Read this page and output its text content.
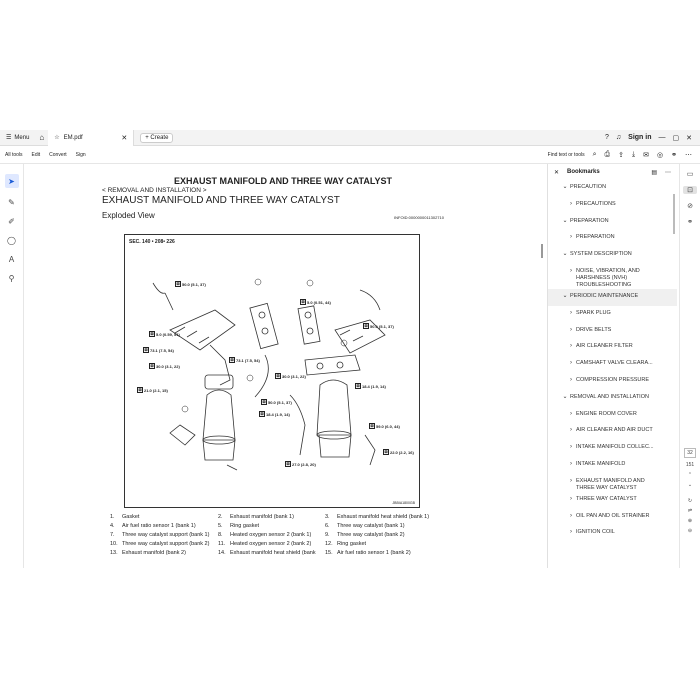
☰ Menu	⌂	☆ EM.pdf	✕	+ Create	? ♫ Sign in — ▢ ✕
All tools Edit Convert Sign	Find text or tools ⌕ ⎙ ⇪ ⤓ ✉ ◎ ⚭ ⋯
➤
✎
✐
◯
A
⚲
EXHAUST MANIFOLD AND THREE WAY CATALYST
< REMOVAL AND INSTALLATION >
EXHAUST MANIFOLD AND THREE WAY CATALYST
Exploded View	INFOID:0000000011302710
SEC. 140 • 208• 226
⊠ 50.0 (5.1, 37)
⊠ 5.0 (0.51, 44)
⊠ 5.0 (0.59, 51)
⊠ 50.0 (5.1, 37)
⊠ 73.1 (7.5, 54)
⊠ 73.1 (7.5, 54)
⊠ 30.0 (3.1, 22)
⊠ 30.0 (3.1, 22)
⊠ 18.4 (1.9, 14)
⊠ 21.0 (2.1, 15)
⊠ 50.0 (5.1, 37)
⊠ 18.4 (1.9, 14)
⊠ 59.0 (6.0, 44)
⊠ 22.0 (2.2, 16)
⊠ 27.0 (2.8, 20)
JBBIA1800GB
1.	Gasket	2.	Exhaust manifold (bank 1)	3.	Exhaust manifold heat shield (bank 1)
4.	Air fuel ratio sensor 1 (bank 1)	5.	Ring gasket	6.	Three way catalyst (bank 1)
7.	Three way catalyst support (bank 1)	8.	Heated oxygen sensor 2 (bank 1)	9.	Three way catalyst (bank 2)
10. Three way catalyst support (bank 2)	11. Heated oxygen sensor 2 (bank 2)	12. Ring gasket
13. Exhaust manifold (bank 2)	14. Exhaust manifold heat shield (bank	15. Air fuel ratio sensor 1 (bank 2)
✕ Bookmarks	▤ ⋯
⌄ PRECAUTION
› PRECAUTIONS
⌄ PREPARATION
› PREPARATION
⌄ SYSTEM DESCRIPTION
› NOISE, VIBRATION, AND HARSHNESS (NVH) TROUBLESHOOTING
⌄ PERIODIC MAINTENANCE
› SPARK PLUG
› DRIVE BELTS
› AIR CLEANER FILTER
› CAMSHAFT VALVE CLEARA...
› COMPRESSION PRESSURE
⌄ REMOVAL AND INSTALLATION
› ENGINE ROOM COVER
› AIR CLEANER AND AIR DUCT
› INTAKE MANIFOLD COLLEC...
› INTAKE MANIFOLD
› EXHAUST MANIFOLD AND THREE WAY CATALYST
› THREE WAY CATALYST
› OIL PAN AND OIL STRAINER
› IGNITION COIL
▭
⊡
⊘
⚭
32
151
⌃
⌄
↻
⇌
⊕
⊖
